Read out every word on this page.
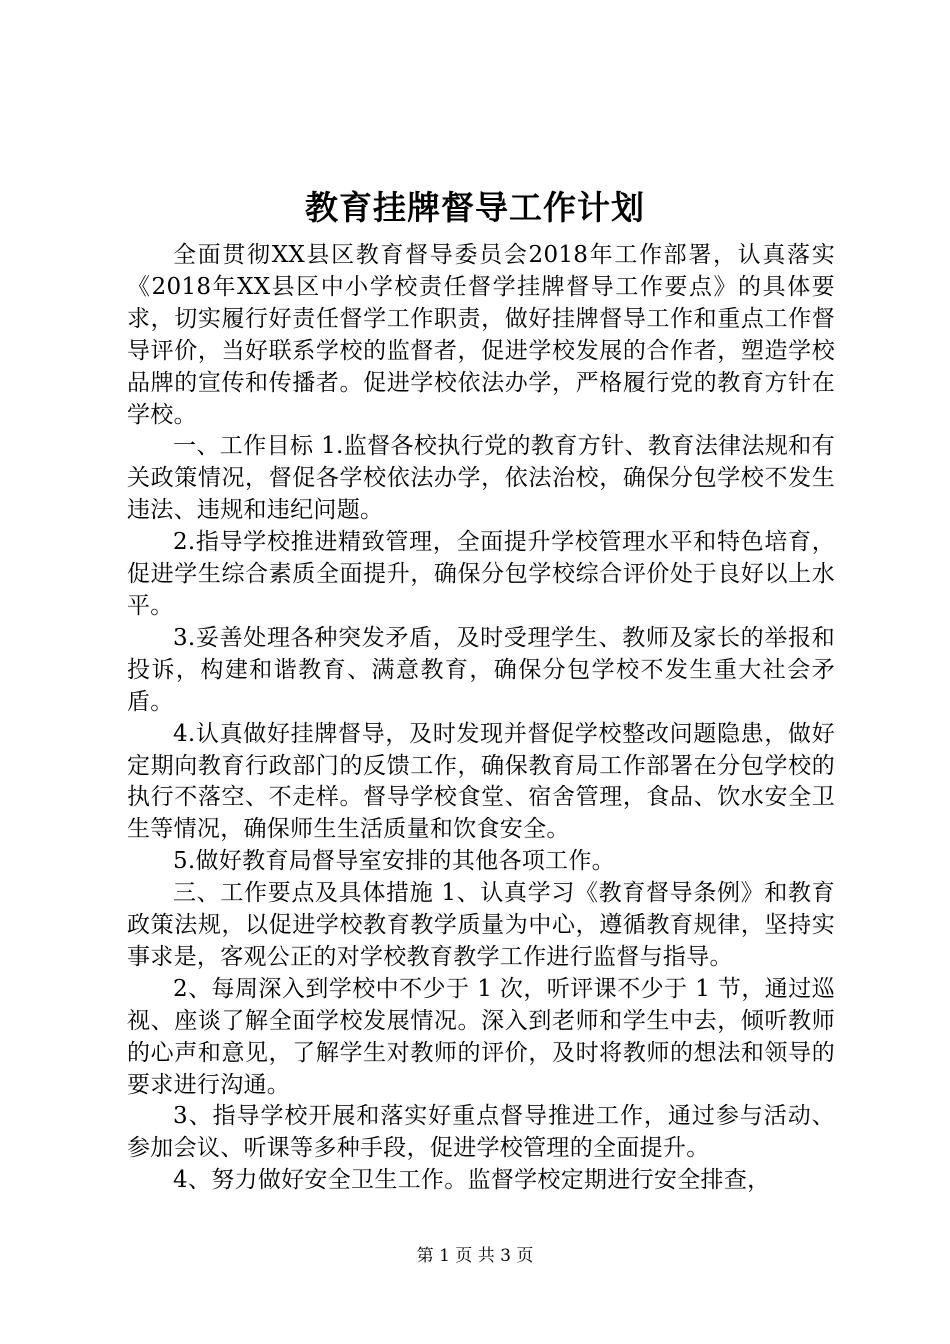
教育挂牌督导工作计划

全面贯彻XX县区教育督导委员会2018年工作部署，认真落实《2018年XX县区中小学校责任督学挂牌督导工作要点》的具体要求，切实履行好责任督学工作职责，做好挂牌督导工作和重点工作督导评价，当好联系学校的监督者，促进学校发展的合作者，塑造学校品牌的宣传和传播者。促进学校依法办学，严格履行党的教育方针在学校。

一、工作目标 1.监督各校执行党的教育方针、教育法律法规和有关政策情况，督促各学校依法办学，依法治校，确保分包学校不发生违法、违规和违纪问题。

2.指导学校推进精致管理，全面提升学校管理水平和特色培育，促进学生综合素质全面提升，确保分包学校综合评价处于良好以上水平。

3.妥善处理各种突发矛盾，及时受理学生、教师及家长的举报和投诉，构建和谐教育、满意教育，确保分包学校不发生重大社会矛盾。

4.认真做好挂牌督导，及时发现并督促学校整改问题隐患，做好定期向教育行政部门的反馈工作，确保教育局工作部署在分包学校的执行不落空、不走样。督导学校食堂、宿舍管理，食品、饮水安全卫生等情况，确保师生生活质量和饮食安全。

5.做好教育局督导室安排的其他各项工作。

三、工作要点及具体措施 1、认真学习《教育督导条例》和教育政策法规，以促进学校教育教学质量为中心，遵循教育规律，坚持实事求是，客观公正的对学校教育教学工作进行监督与指导。

2、每周深入到学校中不少于 1 次，听评课不少于 1 节，通过巡视、座谈了解全面学校发展情况。深入到老师和学生中去，倾听教师的心声和意见，了解学生对教师的评价，及时将教师的想法和领导的要求进行沟通。

3、指导学校开展和落实好重点督导推进工作，通过参与活动、参加会议、听课等多种手段，促进学校管理的全面提升。

4、努力做好安全卫生工作。监督学校定期进行安全排查，

第 1 页 共 3 页
